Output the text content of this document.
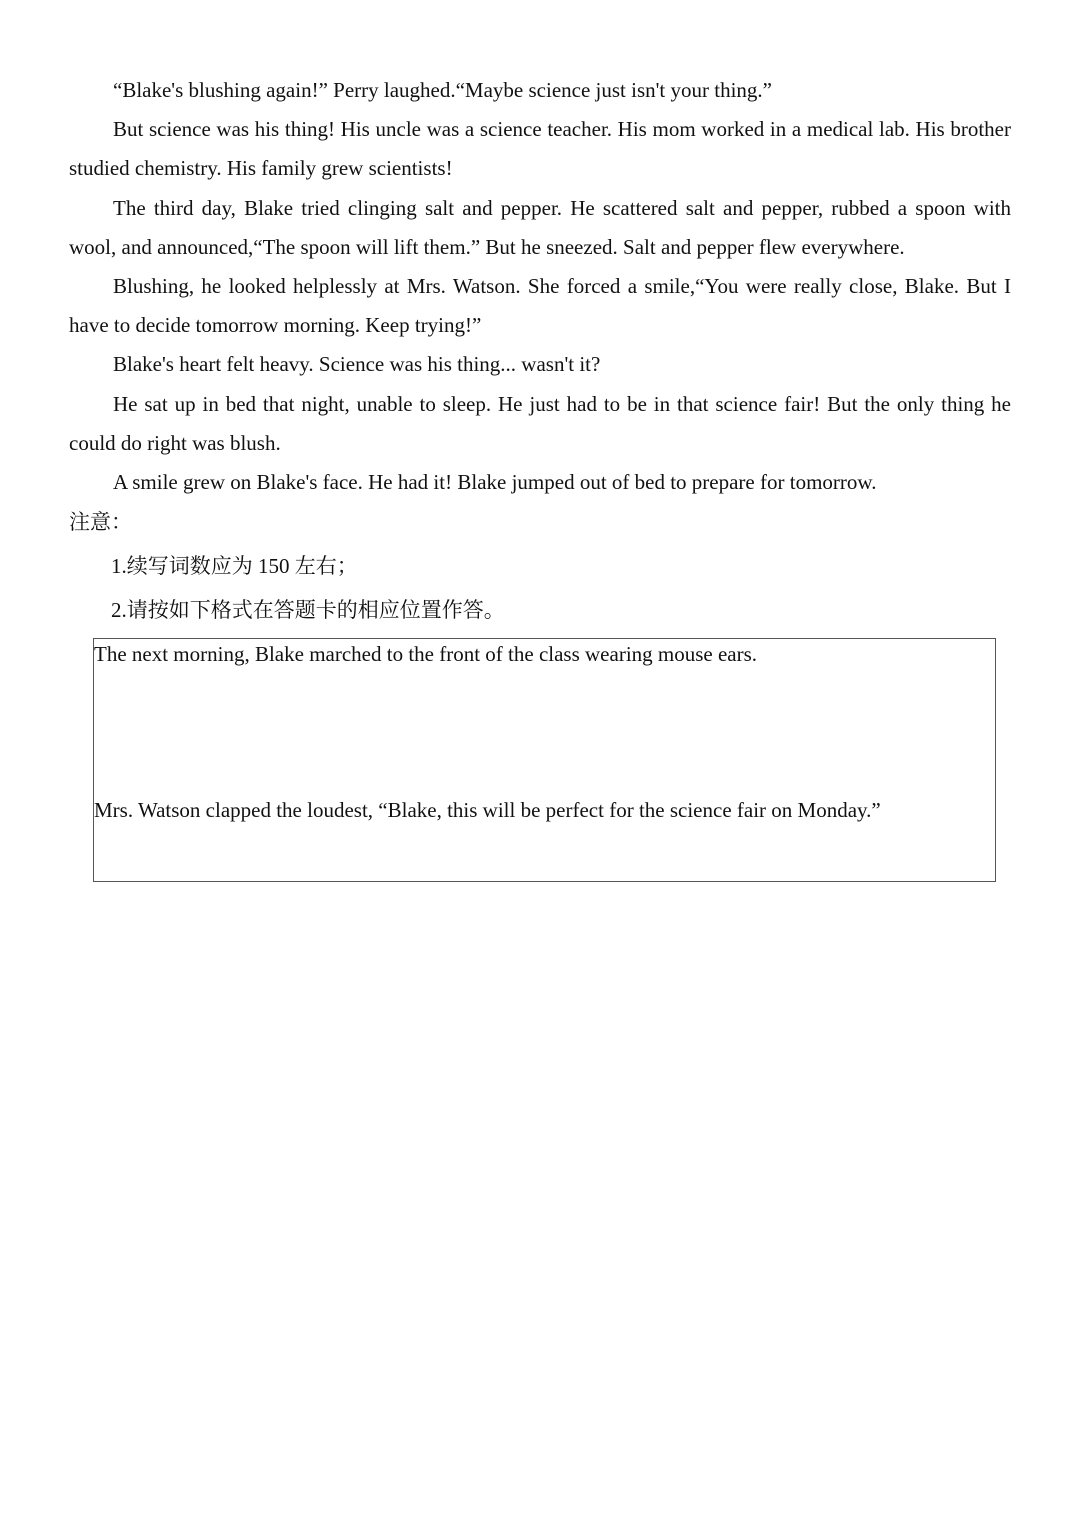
“Blake's blushing again!” Perry laughed.“Maybe science just isn't your thing.”

But science was his thing! His uncle was a science teacher. His mom worked in a medical lab. His brother studied chemistry. His family grew scientists!

The third day, Blake tried clinging salt and pepper. He scattered salt and pepper, rubbed a spoon with wool, and announced,“The spoon will lift them.” But he sneezed. Salt and pepper flew everywhere.

Blushing, he looked helplessly at Mrs. Watson. She forced a smile,“You were really close, Blake. But I have to decide tomorrow morning. Keep trying!”

Blake's heart felt heavy. Science was his thing... wasn't it?

He sat up in bed that night, unable to sleep. He just had to be in that science fair! But the only thing he could do right was blush.

A smile grew on Blake's face. He had it! Blake jumped out of bed to prepare for tomorrow.

注意：

1.续写词数应为 150 左右；

2.请按如下格式在答题卡的相应位置作答。

The next morning, Blake marched to the front of the class wearing mouse ears.

Mrs. Watson clapped the loudest, “Blake, this will be perfect for the science fair on Monday.”
